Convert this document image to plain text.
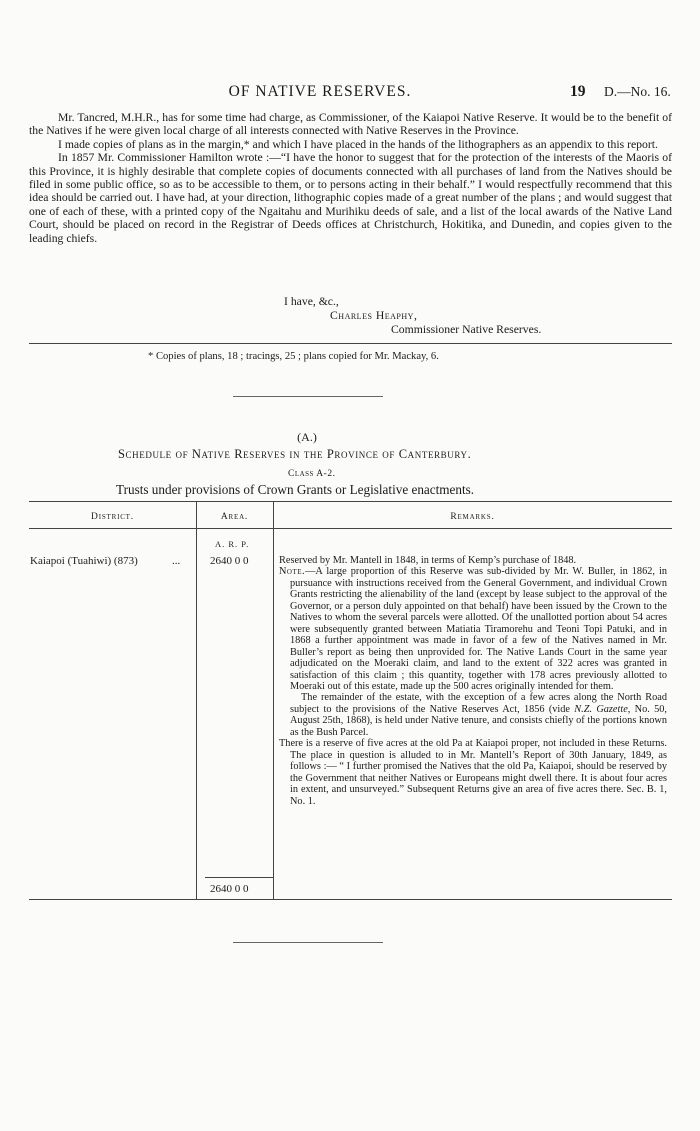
OF NATIVE RESERVES.	19 D.—No. 16.

Mr. Tancred, M.H.R., has for some time had charge, as Commissioner, of the Kaiapoi Native Reserve. It would be to the benefit of the Natives if he were given local charge of all interests connected with Native Reserves in the Province.

I made copies of plans as in the margin,* and which I have placed in the hands of the lithographers as an appendix to this report.

In 1857 Mr. Commissioner Hamilton wrote :—“I have the honor to suggest that for the protection of the interests of the Maoris of this Province, it is highly desirable that complete copies of documents connected with all purchases of land from the Natives should be filed in some public office, so as to be accessible to them, or to persons acting in their behalf.” I would respectfully recommend that this idea should be carried out. I have had, at your direction, lithographic copies made of a great number of the plans ; and would suggest that one of each of these, with a printed copy of the Ngaitahu and Murihiku deeds of sale, and a list of the local awards of the Native Land Court, should be placed on record in the Registrar of Deeds offices at Christchurch, Hokitika, and Dunedin, and copies given to the leading chiefs.

I have, &c.,
Charles Heaphy,
Commissioner Native Reserves.
* Copies of plans, 18 ; tracings, 25 ; plans copied for Mr. Mackay, 6.
(A.)
Schedule of Native Reserves in the Province of Canterbury.
Class A-2.
Trusts under provisions of Crown Grants or Legislative enactments.
District.	Area.	Remarks.
A. R. P.
Kaiapoi (Tuahiwi) (873)	...	2640 0 0	Reserved by Mr. Mantell in 1848, in terms of Kemp’s purchase of 1848.

Note.—A large proportion of this Reserve was sub-divided by Mr. W. Buller, in 1862, in pursuance with instructions received from the General Government, and individual Crown Grants restricting the alienability of the land (except by lease subject to the approval of the Governor, or a person duly appointed on that behalf) have been issued by the Crown to the Natives to whom the several parcels were allotted. Of the unallotted portion about 54 acres were subsequently granted between Matiatia Tiramorehu and Teoni Topi Patuki, and in 1868 a further appointment was made in favor of a few of the Natives named in Mr. Buller’s report as being then unprovided for. The Native Lands Court in the same year adjudicated on the Moeraki claim, and land to the extent of 322 acres was granted in satisfaction of this claim ; this quantity, together with 178 acres previously allotted to Moeraki out of this estate, made up the 500 acres originally intended for them.

The remainder of the estate, with the exception of a few acres along the North Road subject to the provisions of the Native Reserves Act, 1856 (vide N.Z. Gazette, No. 50, August 25th, 1868), is held under Native tenure, and consists chiefly of the portions known as the Bush Parcel.

There is a reserve of five acres at the old Pa at Kaiapoi proper, not included in these Returns. The place in question is alluded to in Mr. Mantell’s Report of 30th January, 1849, as follows :— “ I further promised the Natives that the old Pa, Kaiapoi, should be reserved by the Government that neither Natives or Europeans might dwell there. It is about four acres in extent, and unsurveyed.” Subsequent Returns give an area of five acres there. Sec. B. 1, No. 1.

2640 0 0
